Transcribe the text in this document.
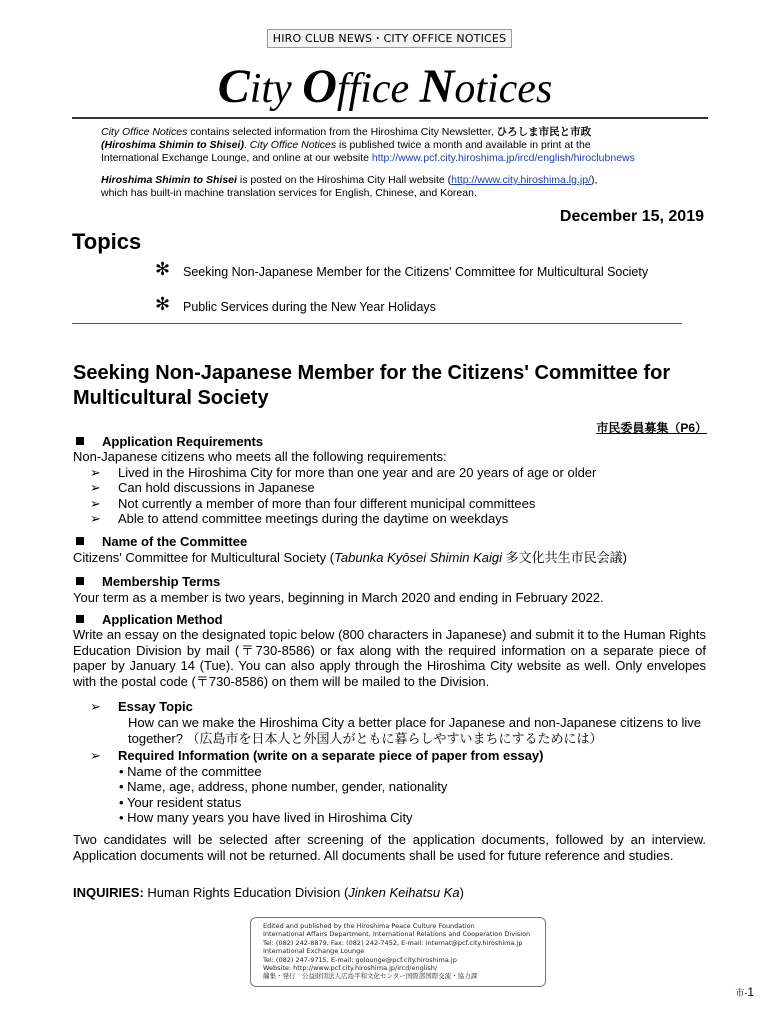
HIRO CLUB NEWS・CITY OFFICE NOTICES
City Office Notices
City Office Notices contains selected information from the Hiroshima City Newsletter, ひろしま市民と市政
(Hiroshima Shimin to Shisei). City Office Notices is published twice a month and available in print at the
International Exchange Lounge, and online at our website http://www.pcf.city.hiroshima.jp/ircd/english/hiroclubnews
Hiroshima Shimin to Shisei is posted on the Hiroshima City Hall website (http://www.city.hiroshima.lg.jp/),
which has built-in machine translation services for English, Chinese, and Korean.
December 15, 2019
Topics
✻ Seeking Non-Japanese Member for the Citizens' Committee for Multicultural Society
✻ Public Services during the New Year Holidays
Seeking Non-Japanese Member for the Citizens' Committee for Multicultural Society
市民委員募集（P6）
Application Requirements
Non-Japanese citizens who meets all the following requirements:
➢ Lived in the Hiroshima City for more than one year and are 20 years of age or older
➢ Can hold discussions in Japanese
➢ Not currently a member of more than four different municipal committees
➢ Able to attend committee meetings during the daytime on weekdays
Name of the Committee
Citizens' Committee for Multicultural Society (Tabunka Kyōsei Shimin Kaigi 多文化共生市民会議)
Membership Terms
Your term as a member is two years, beginning in March 2020 and ending in February 2022.
Application Method
Write an essay on the designated topic below (800 characters in Japanese) and submit it to the Human Rights Education Division by mail (〒730-8586) or fax along with the required information on a separate piece of paper by January 14 (Tue). You can also apply through the Hiroshima City website as well. Only envelopes with the postal code (〒730-8586) on them will be mailed to the Division.
➢ Essay Topic
How can we make the Hiroshima City a better place for Japanese and non-Japanese citizens to live together? （広島市を日本人と外国人がともに暮らしやすいまちにするためには）
➢ Required Information (write on a separate piece of paper from essay)
• Name of the committee
• Name, age, address, phone number, gender, nationality
• Your resident status
• How many years you have lived in Hiroshima City
Two candidates will be selected after screening of the application documents, followed by an interview. Application documents will not be returned. All documents shall be used for future reference and studies.
INQUIRIES: Human Rights Education Division (Jinken Keihatsu Ka)
Edited and published by the Hiroshima Peace Culture Foundation
International Affairs Department, International Relations and Cooperation Division
Tel: (082) 242-8879, Fax: (082) 242-7452, E-mail: internat@pcf.city.hiroshima.jp
International Exchange Lounge
Tel: (082) 247-9715, E-mail: golounge@pcf.city.hiroshima.jp
Website: http://www.pcf.city.hiroshima.jp/ircd/english/
編集・発行　公益財団法人広島平和文化センター国際部国際交流・協力課
市-1
